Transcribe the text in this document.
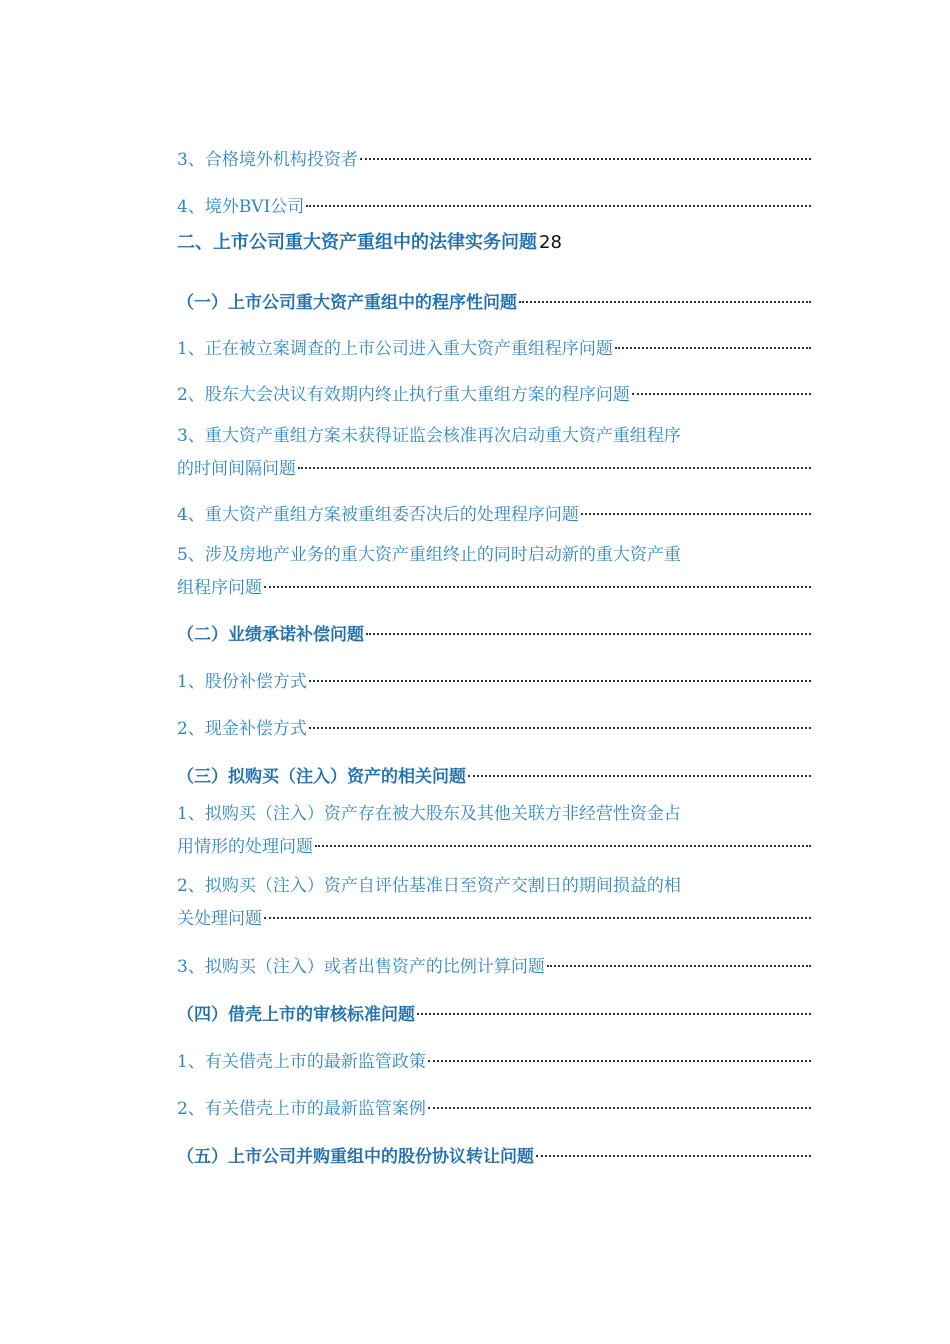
3、合格境外机构投资者
4、境外BVI公司
二、上市公司重大资产重组中的法律实务问题 28
（一）上市公司重大资产重组中的程序性问题
1、正在被立案调查的上市公司进入重大资产重组程序问题
2、股东大会决议有效期内终止执行重大重组方案的程序问题
3、重大资产重组方案未获得证监会核准再次启动重大资产重组程序
的时间间隔问题
4、重大资产重组方案被重组委否决后的处理程序问题
5、涉及房地产业务的重大资产重组终止的同时启动新的重大资产重
组程序问题
（二）业绩承诺补偿问题
1、股份补偿方式
2、现金补偿方式
（三）拟购买（注入）资产的相关问题
1、拟购买（注入）资产存在被大股东及其他关联方非经营性资金占
用情形的处理问题
2、拟购买（注入）资产自评估基准日至资产交割日的期间损益的相
关处理问题
3、拟购买（注入）或者出售资产的比例计算问题
（四）借壳上市的审核标准问题
1、有关借壳上市的最新监管政策
2、有关借壳上市的最新监管案例
（五）上市公司并购重组中的股份协议转让问题
